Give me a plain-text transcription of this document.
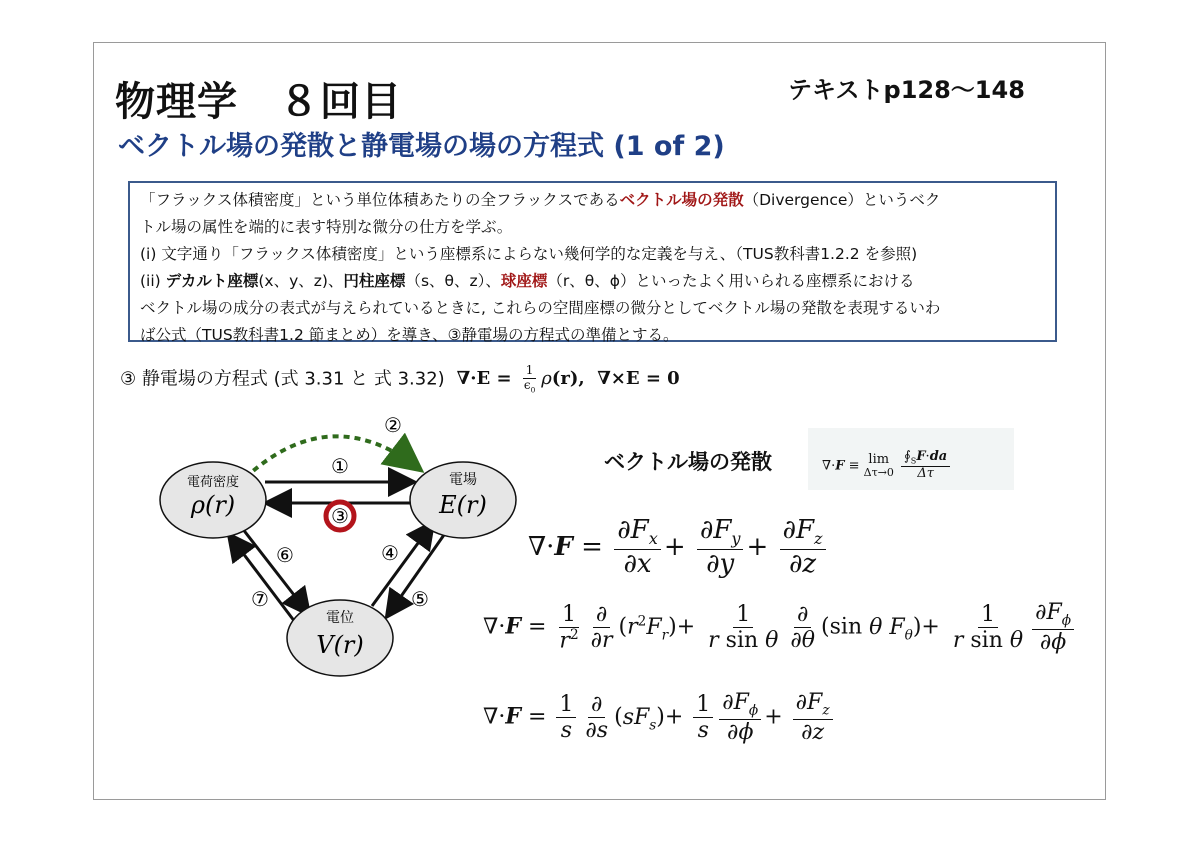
物理学　８回目	テキストp128〜148
ベクトル場の発散と静電場の場の方程式 (1 of 2)

「フラックス体積密度」という単位体積あたりの全フラックスであるベクトル場の発散（Divergence）というベク

トル場の属性を端的に表す特別な微分の仕方を学ぶ。

(i) 文字通り「フラックス体積密度」という座標系によらない幾何学的な定義を与え、（TUS教科書1.2.2 を参照)

(ii) デカルト座標(x、y、z)、円柱座標（s、θ、z）、球座標（r、θ、ϕ）といったよく用いられる座標系における

ベクトル場の成分の表式が与えられているときに, これらの空間座標の微分としてベクトル場の発散を表現するいわ

ば公式（TUS教科書1.2 節まとめ）を導き、③静電場の方程式の準備とする。

③ 静電場の方程式 (式 3.31 と 式 3.32)  $\nabla\cdot E = \frac{1}{\epsilon_0} \rho(r)$,  ∇×E = 0
電荷密度
ρ(r)
電場
E(r)
電位
V(r)
①
②
③
④
⑤
⑥
⑦
ベクトル場の発散	∇·F ≡ lim
Δτ→0
$\frac{∮_SF\cdot da}{\Delta\tau}$
$\nabla\cdot F = \frac{\partial F_x}{\partial x} + \frac{\partial F_y}{\partial y} + \frac{\partial F_z}{\partial z}$
$\nabla\cdot F = \frac{1}{r^2} \frac{\partial}{\partial r} (r^2F_r)+ \frac{1}{\text{r sin θ}} \frac{\partial}{\partial\theta} (\sin$ θ $F_\theta)+ \frac{1}{\text{r sin θ}} \frac{\partial F_\phi}{\partial\phi}$
$\nabla\cdot F = \frac{1}{s} \frac{\partial}{\partial s} (sF_s)+ \frac{1}{s} \frac{\partial F_\phi}{\partial\phi} + \frac{\partial F_z}{\partial z}$
